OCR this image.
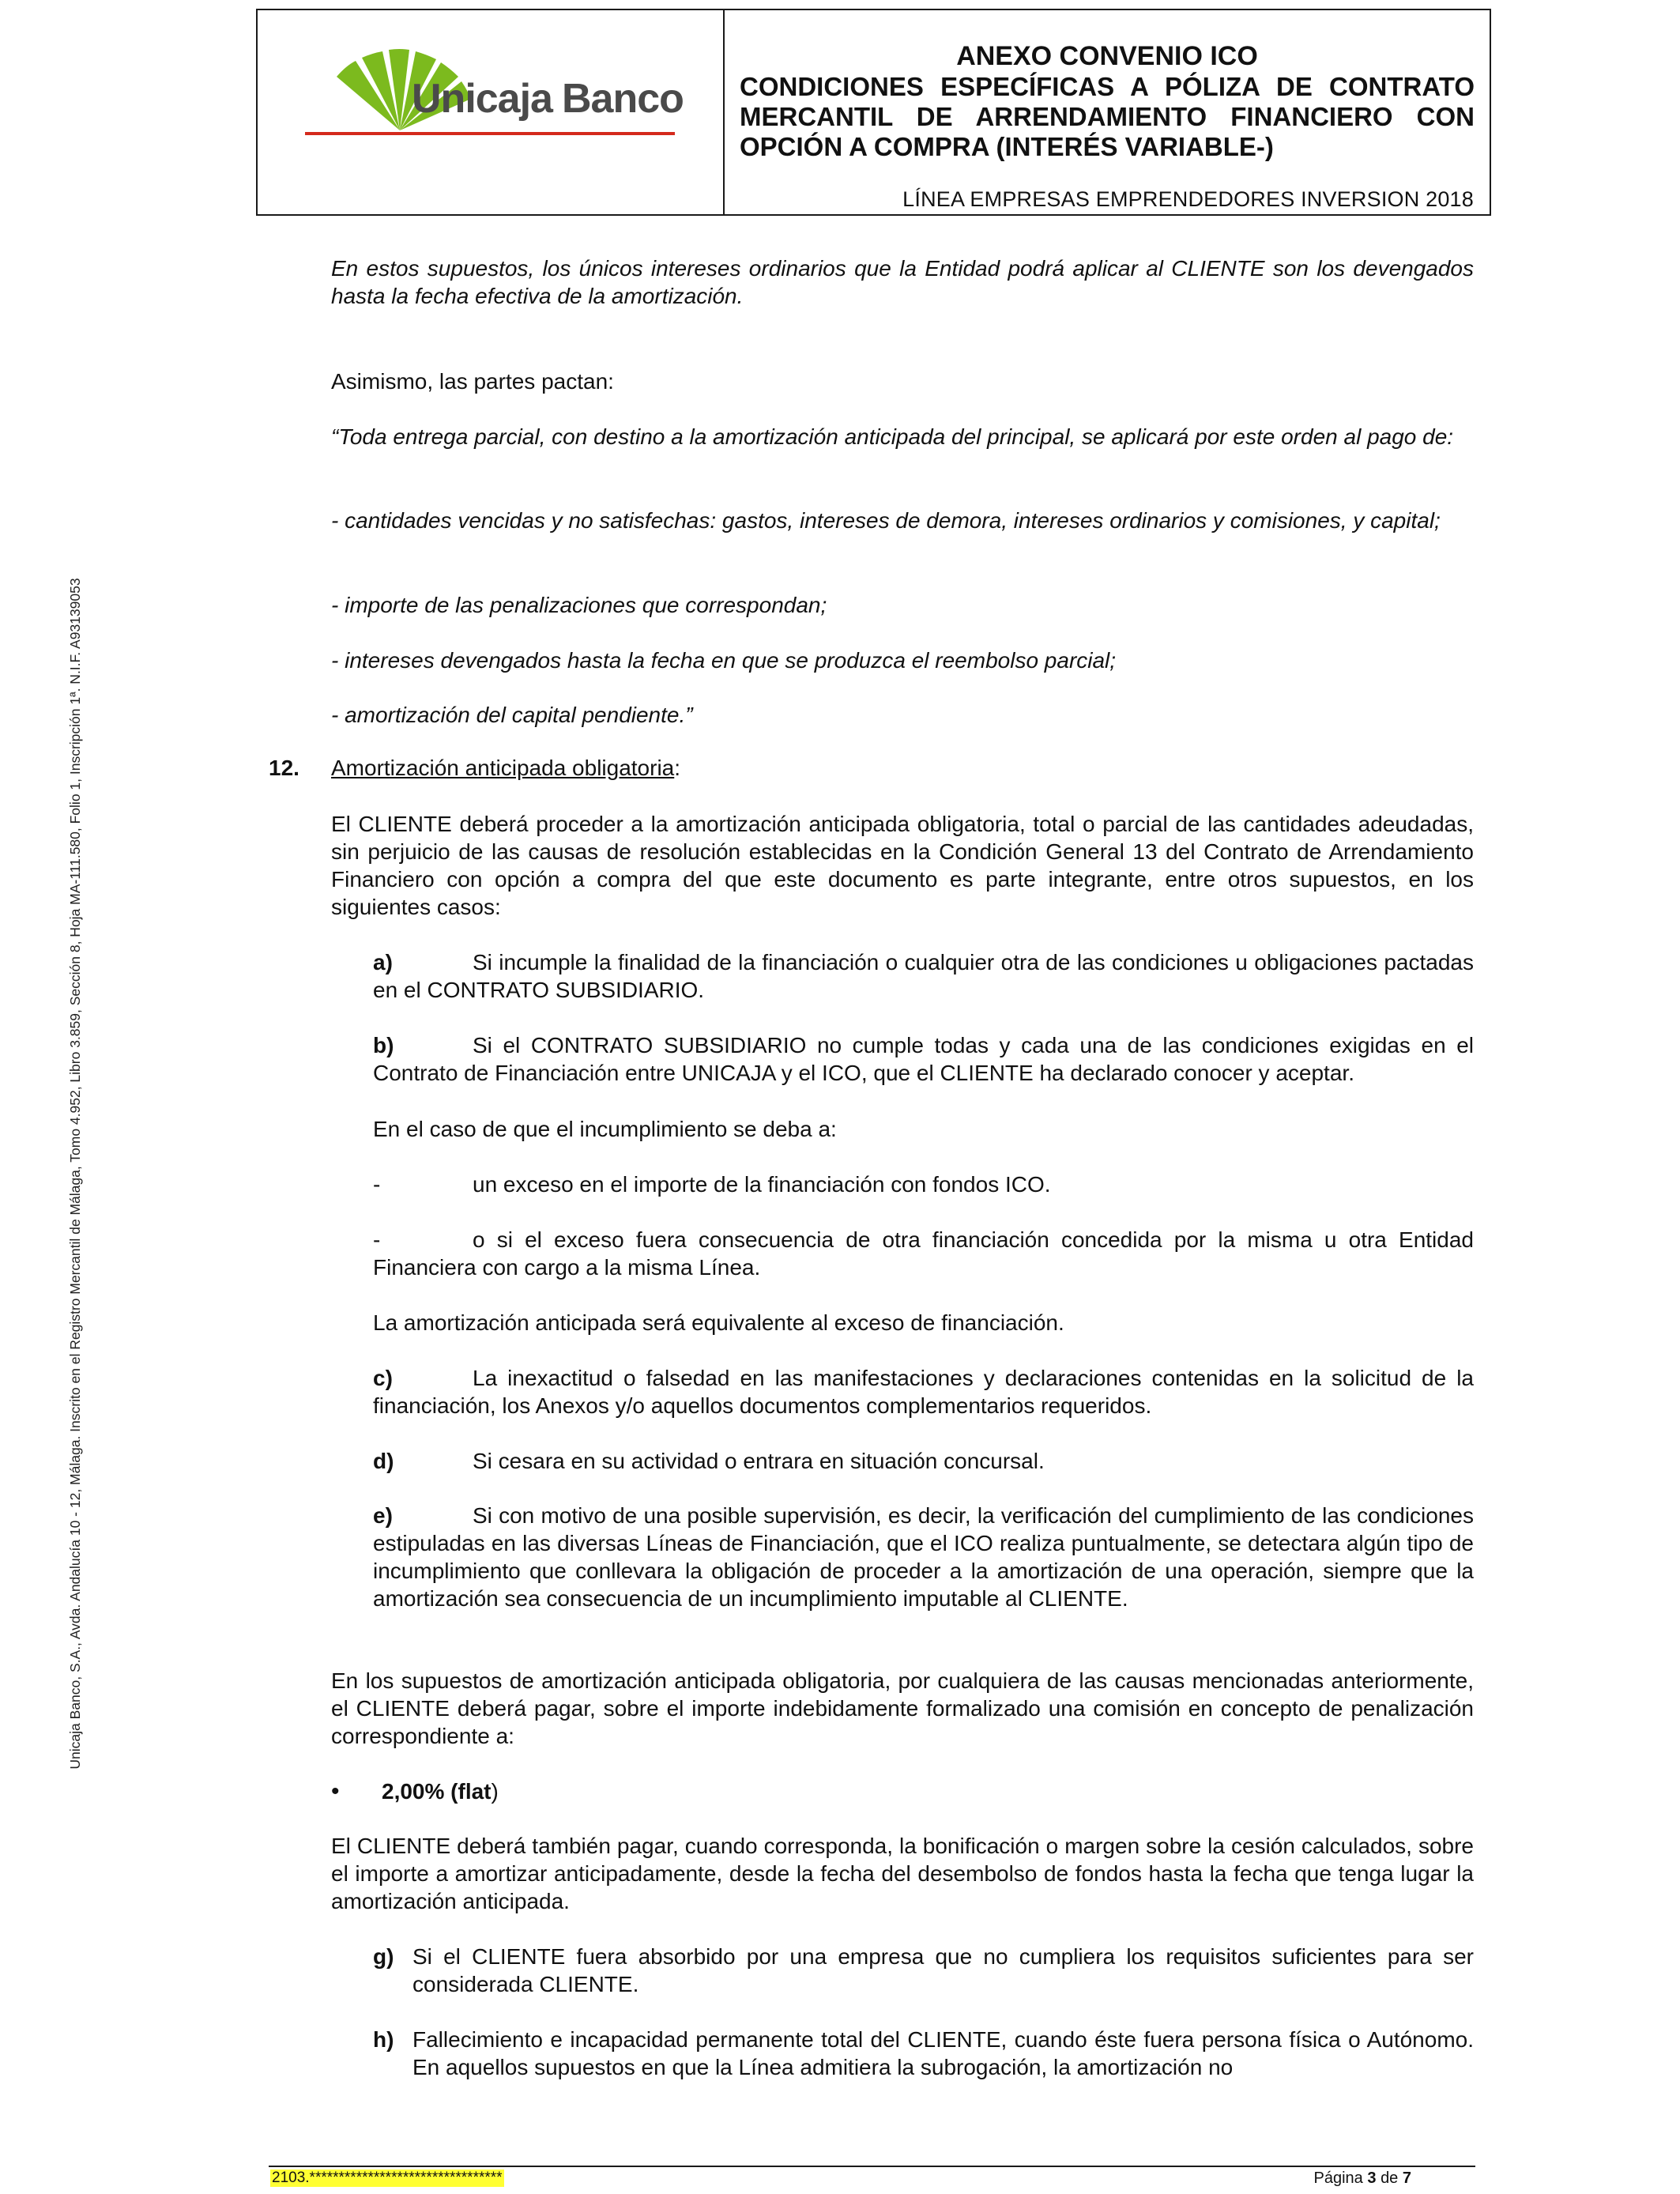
Unicaja Banco

ANEXO CONVENIO ICO

CONDICIONES ESPECÍFICAS A PÓLIZA DE CONTRATO

MERCANTIL DE ARRENDAMIENTO FINANCIERO CON

OPCIÓN A COMPRA (INTERÉS VARIABLE-)

LÍNEA EMPRESAS EMPRENDEDORES INVERSION 2018
Unicaja Banco, S.A., Avda. Andalucía 10 - 12, Málaga. Inscrito en el Registro Mercantil de Málaga, Tomo 4.952, Libro 3.859, Sección 8, Hoja MA-111.580, Folio 1, Inscripción 1ª. N.I.F. A93139053

En estos supuestos, los únicos intereses ordinarios que la Entidad podrá aplicar al CLIENTE son los devengados hasta la fecha efectiva de la amortización.

Asimismo, las partes pactan:

“Toda entrega parcial, con destino a la amortización anticipada del principal, se aplicará por este orden al pago de:

- cantidades vencidas y no satisfechas: gastos, intereses de demora, intereses ordinarios y comisiones, y capital;

- importe de las penalizaciones que correspondan;

- intereses devengados hasta la fecha en que se produzca el reembolso parcial;

- amortización del capital pendiente.”

12. Amortización anticipada obligatoria:

El CLIENTE deberá proceder a la amortización anticipada obligatoria, total o parcial de las cantidades adeudadas, sin perjuicio de las causas de resolución establecidas en la Condición General 13 del Contrato de Arrendamiento Financiero con opción a compra del que este documento es parte integrante, entre otros supuestos, en los siguientes casos:

a)	Si incumple la finalidad de la financiación o cualquier otra de las condiciones u obligaciones pactadas en el CONTRATO SUBSIDIARIO.

b)	Si el CONTRATO SUBSIDIARIO no cumple todas y cada una de las condiciones exigidas en el Contrato de Financiación entre UNICAJA y el ICO, que el CLIENTE ha declarado conocer y aceptar.

En el caso de que el incumplimiento se deba a:

-	un exceso en el importe de la financiación con fondos ICO.

-	o si el exceso fuera consecuencia de otra financiación concedida por la misma u otra Entidad Financiera con cargo a la misma Línea.

La amortización anticipada será equivalente al exceso de financiación.

c)	La inexactitud o falsedad en las manifestaciones y declaraciones contenidas en la solicitud de la financiación, los Anexos y/o aquellos documentos complementarios requeridos.

d)	Si cesara en su actividad o entrara en situación concursal.

e)	Si con motivo de una posible supervisión, es decir, la verificación del cumplimiento de las condiciones estipuladas en las diversas Líneas de Financiación, que el ICO realiza puntualmente, se detectara algún tipo de incumplimiento que conllevara la obligación de proceder a la amortización de una operación, siempre que la amortización sea consecuencia de un incumplimiento imputable al CLIENTE.

En los supuestos de amortización anticipada obligatoria, por cualquiera de las causas mencionadas anteriormente, el CLIENTE deberá pagar, sobre el importe indebidamente formalizado una comisión en concepto de penalización correspondiente a:

• 2,00% (flat)

El CLIENTE deberá también pagar, cuando corresponda, la bonificación o margen sobre la cesión calculados, sobre el importe a amortizar anticipadamente, desde la fecha del desembolso de fondos hasta la fecha que tenga lugar la amortización anticipada.

g) Si el CLIENTE fuera absorbido por una empresa que no cumpliera los requisitos suficientes para ser considerada CLIENTE.
h) Fallecimiento e incapacidad permanente total del CLIENTE, cuando éste fuera persona física o Autónomo. En aquellos supuestos en que la Línea admitiera la subrogación, la amortización no
2103.*********************************	Página 3 de 7
